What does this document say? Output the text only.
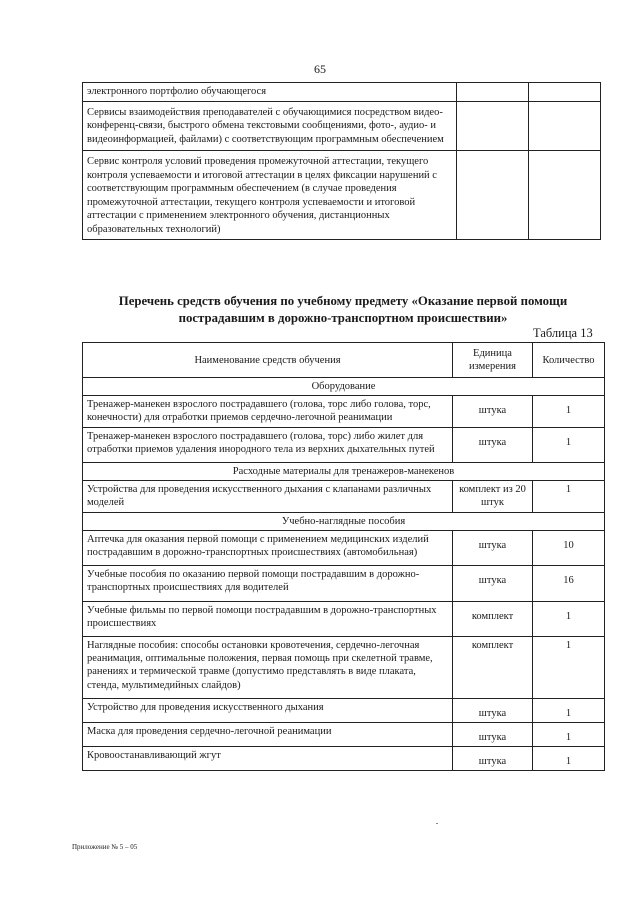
65
электронного портфолио обучающегося		
Сервисы взаимодействия преподавателей с обучающимися посредством видео-конференц-связи, быстрого обмена текстовыми сообщениями, фото-, аудио- и видеоинформацией, файлами) с соответствующим программным обеспечением		
Сервис контроля условий проведения промежуточной аттестации, текущего контроля успеваемости и итоговой аттестации в целях фиксации нарушений с соответствующим программным обеспечением (в случае проведения промежуточной аттестации, текущего контроля успеваемости и итоговой аттестации с применением электронного обучения, дистанционных образовательных технологий)		
Перечень средств обучения по учебному предмету «Оказание первой помощи пострадавшим в дорожно-транспортном происшествии»
Таблица 13
Наименование средств обучения	Единица измерения	Количество
Оборудование		
Тренажер-манекен взрослого пострадавшего (голова, торс либо голова, торс, конечности) для отработки приемов сердечно-легочной реанимации	штука	1
Тренажер-манекен взрослого пострадавшего (голова, торс) либо жилет для отработки приемов удаления инородного тела из верхних дыхательных путей	штука	1
Расходные материалы для тренажеров-манекенов		
Устройства для проведения искусственного дыхания с клапанами различных моделей	комплект из 20 штук	1
Учебно-наглядные пособия		
Аптечка для оказания первой помощи с применением медицинских изделий пострадавшим в дорожно-транспортных происшествиях (автомобильная)	штука	10
Учебные пособия по оказанию первой помощи пострадавшим в дорожно-транспортных происшествиях для водителей	штука	16
Учебные фильмы по первой помощи пострадавшим в дорожно-транспортных происшествиях	комплект	1
Наглядные пособия: способы остановки кровотечения, сердечно-легочная реанимация, оптимальные положения, первая помощь при скелетной травме, ранениях и термической травме (допустимо представлять в виде плаката, стенда, мультимедийных слайдов)	комплект	1
Устройство для проведения искусственного дыхания	штука	1
Маска для проведения сердечно-легочной реанимации	штука	1
Кровоостанавливающий жгут	штука	1
Приложение № 5 – 05
